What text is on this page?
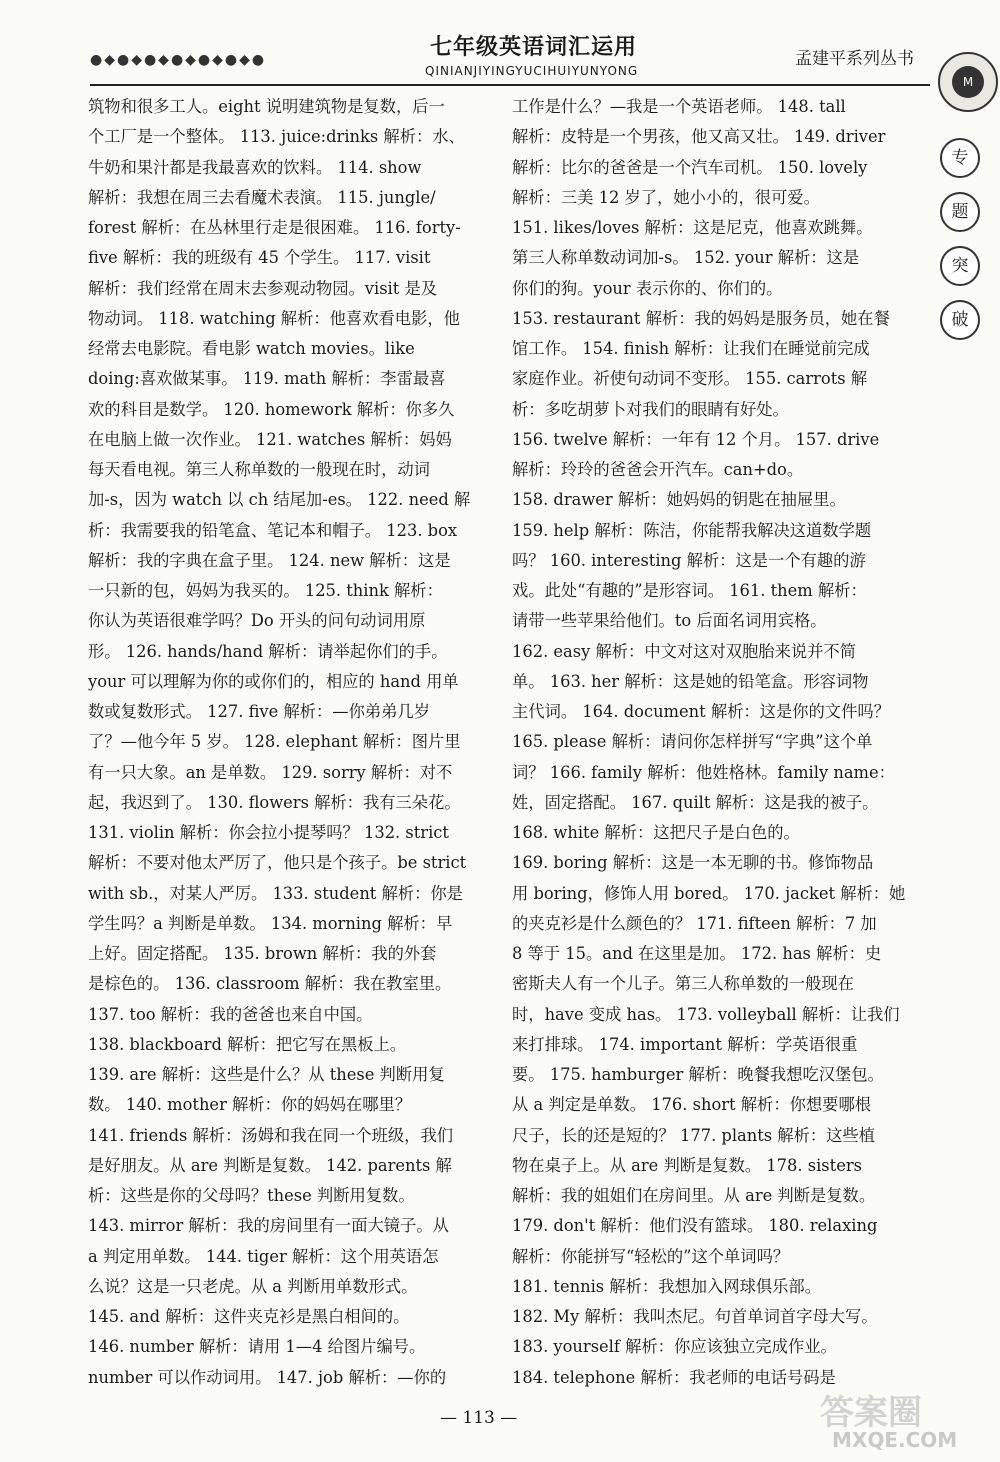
●◆●◆●◆●◆●◆●◆●	七年级英语词汇运用
QINIANJIYINGYUCIHUIYUNYONG
孟建平系列丛书
M
专
题
突
破
筑物和很多工人。eight 说明建筑物是复数，后一
个工厂是一个整体。 113. juice:drinks 解析：水、
牛奶和果汁都是我最喜欢的饮料。 114. show
解析：我想在周三去看魔术表演。 115. jungle/
forest 解析：在丛林里行走是很困难。 116. forty-
five 解析：我的班级有 45 个学生。 117. visit
解析：我们经常在周末去参观动物园。visit 是及
物动词。 118. watching 解析：他喜欢看电影，他
经常去电影院。看电影 watch movies。like
doing:喜欢做某事。 119. math 解析：李雷最喜
欢的科目是数学。 120. homework 解析：你多久
在电脑上做一次作业。 121. watches 解析：妈妈
每天看电视。第三人称单数的一般现在时，动词
加-s，因为 watch 以 ch 结尾加-es。 122. need 解
析：我需要我的铅笔盒、笔记本和帽子。 123. box
解析：我的字典在盒子里。 124. new 解析：这是
一只新的包，妈妈为我买的。 125. think 解析：
你认为英语很难学吗？Do 开头的问句动词用原
形。 126. hands/hand 解析：请举起你们的手。
your 可以理解为你的或你们的，相应的 hand 用单
数或复数形式。 127. five 解析：—你弟弟几岁
了？—他今年 5 岁。 128. elephant 解析：图片里
有一只大象。an 是单数。 129. sorry 解析：对不
起，我迟到了。 130. flowers 解析：我有三朵花。
131. violin 解析：你会拉小提琴吗？ 132. strict
解析：不要对他太严厉了，他只是个孩子。be strict
with sb.，对某人严厉。 133. student 解析：你是
学生吗？a 判断是单数。 134. morning 解析：早
上好。固定搭配。 135. brown 解析：我的外套
是棕色的。 136. classroom 解析：我在教室里。
137. too 解析：我的爸爸也来自中国。
138. blackboard 解析：把它写在黑板上。
139. are 解析：这些是什么？从 these 判断用复
数。 140. mother 解析：你的妈妈在哪里？
141. friends 解析：汤姆和我在同一个班级，我们
是好朋友。从 are 判断是复数。 142. parents 解
析：这些是你的父母吗？these 判断用复数。
143. mirror 解析：我的房间里有一面大镜子。从
a 判定用单数。 144. tiger 解析：这个用英语怎
么说？这是一只老虎。从 a 判断用单数形式。
145. and 解析：这件夹克衫是黑白相间的。
146. number 解析：请用 1—4 给图片编号。
number 可以作动词用。 147. job 解析：—你的
工作是什么？—我是一个英语老师。 148. tall
解析：皮特是一个男孩，他又高又壮。 149. driver
解析：比尔的爸爸是一个汽车司机。 150. lovely
解析：三美 12 岁了，她小小的，很可爱。
151. likes/loves 解析：这是尼克，他喜欢跳舞。
第三人称单数动词加-s。 152. your 解析：这是
你们的狗。your 表示你的、你们的。
153. restaurant 解析：我的妈妈是服务员，她在餐
馆工作。 154. finish 解析：让我们在睡觉前完成
家庭作业。祈使句动词不变形。 155. carrots 解
析：多吃胡萝卜对我们的眼睛有好处。
156. twelve 解析：一年有 12 个月。 157. drive
解析：玲玲的爸爸会开汽车。can+do。
158. drawer 解析：她妈妈的钥匙在抽屉里。
159. help 解析：陈洁，你能帮我解决这道数学题
吗？ 160. interesting 解析：这是一个有趣的游
戏。此处“有趣的”是形容词。 161. them 解析：
请带一些苹果给他们。to 后面名词用宾格。
162. easy 解析：中文对这对双胞胎来说并不简
单。 163. her 解析：这是她的铅笔盒。形容词物
主代词。 164. document 解析：这是你的文件吗？
165. please 解析：请问你怎样拼写“字典”这个单
词？ 166. family 解析：他姓格林。family name：
姓，固定搭配。 167. quilt 解析：这是我的被子。
168. white 解析：这把尺子是白色的。
169. boring 解析：这是一本无聊的书。修饰物品
用 boring，修饰人用 bored。 170. jacket 解析：她
的夹克衫是什么颜色的？ 171. fifteen 解析：7 加
8 等于 15。and 在这里是加。 172. has 解析：史
密斯夫人有一个儿子。第三人称单数的一般现在
时，have 变成 has。 173. volleyball 解析：让我们
来打排球。 174. important 解析：学英语很重
要。 175. hamburger 解析：晚餐我想吃汉堡包。
从 a 判定是单数。 176. short 解析：你想要哪根
尺子，长的还是短的？ 177. plants 解析：这些植
物在桌子上。从 are 判断是复数。 178. sisters
解析：我的姐姐们在房间里。从 are 判断是复数。
179. don't 解析：他们没有篮球。 180. relaxing
解析：你能拼写“轻松的”这个单词吗？
181. tennis 解析：我想加入网球俱乐部。
182. My 解析：我叫杰尼。句首单词首字母大写。
183. yourself 解析：你应该独立完成作业。
184. telephone 解析：我老师的电话号码是
— 113 —	答案圈
MXQE.COM
